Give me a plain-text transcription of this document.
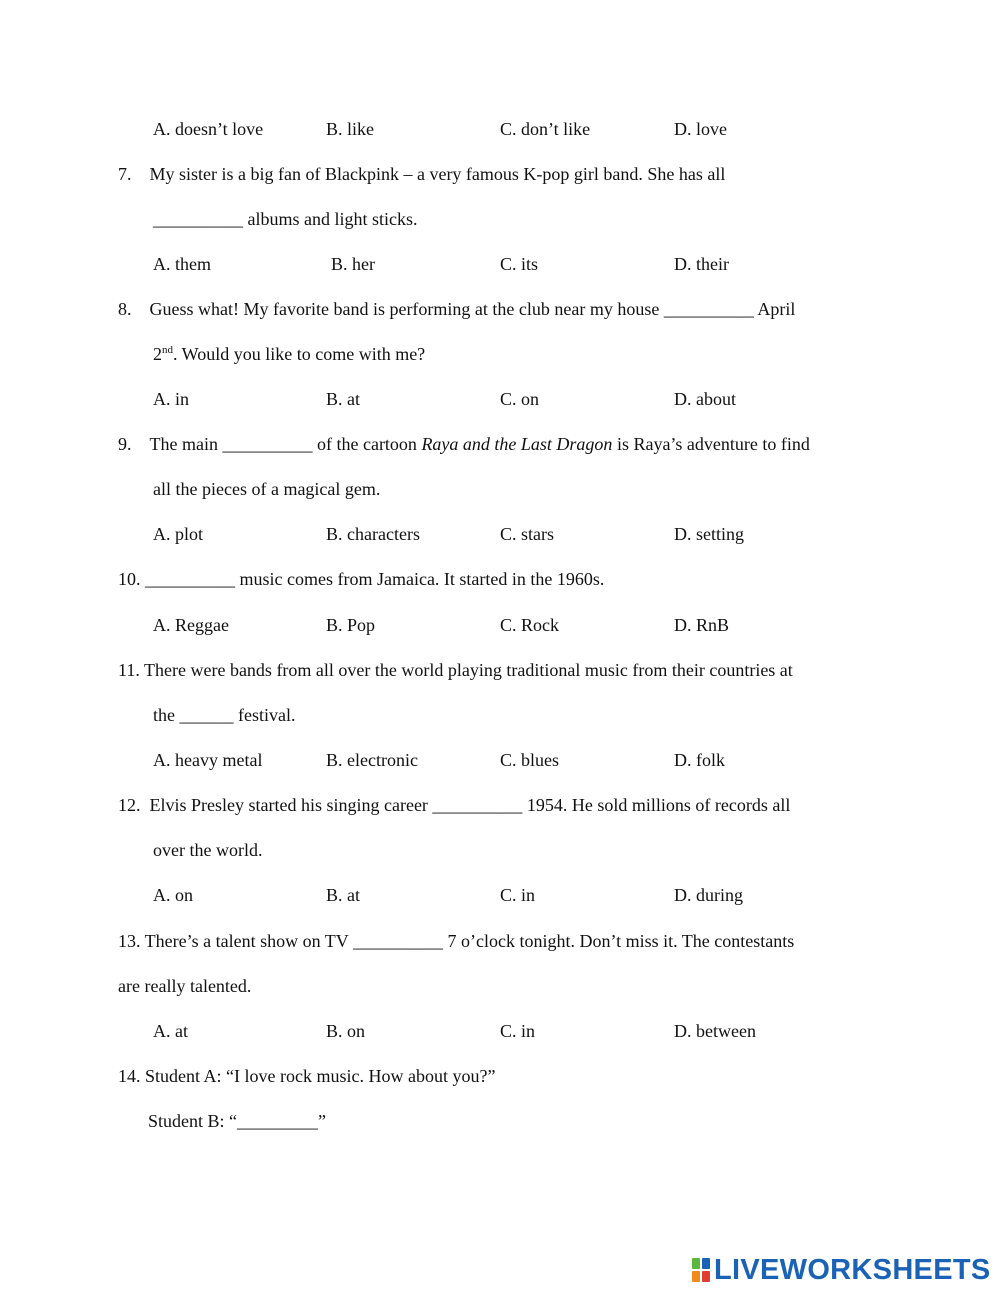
A. doesn’t love	B. like	C. don’t like	D. love
7.    My sister is a big fan of Blackpink – a very famous K-pop girl band. She has all
__________ albums and light sticks.
A. them	B. her	C. its	D. their
8.    Guess what! My favorite band is performing at the club near my house __________ April
2nd. Would you like to come with me?
A. in	B. at	C. on	D. about
9.    The main __________ of the cartoon Raya and the Last Dragon is Raya’s adventure to find
all the pieces of a magical gem.
A. plot	B. characters	C. stars	D. setting
10. __________ music comes from Jamaica. It started in the 1960s.
A. Reggae	B. Pop	C. Rock	D. RnB
11. There were bands from all over the world playing traditional music from their countries at
the ______ festival.
A. heavy metal	B. electronic	C. blues	D. folk
12.  Elvis Presley started his singing career __________ 1954. He sold millions of records all
over the world.
A. on	B. at	C. in	D. during
13. There’s a talent show on TV __________ 7 o’clock tonight. Don’t miss it. The contestants
are really talented.
A. at	B. on	C. in	D. between
14. Student A: “I love rock music. How about you?”
Student B: “_________”
LIVEWORKSHEETS
